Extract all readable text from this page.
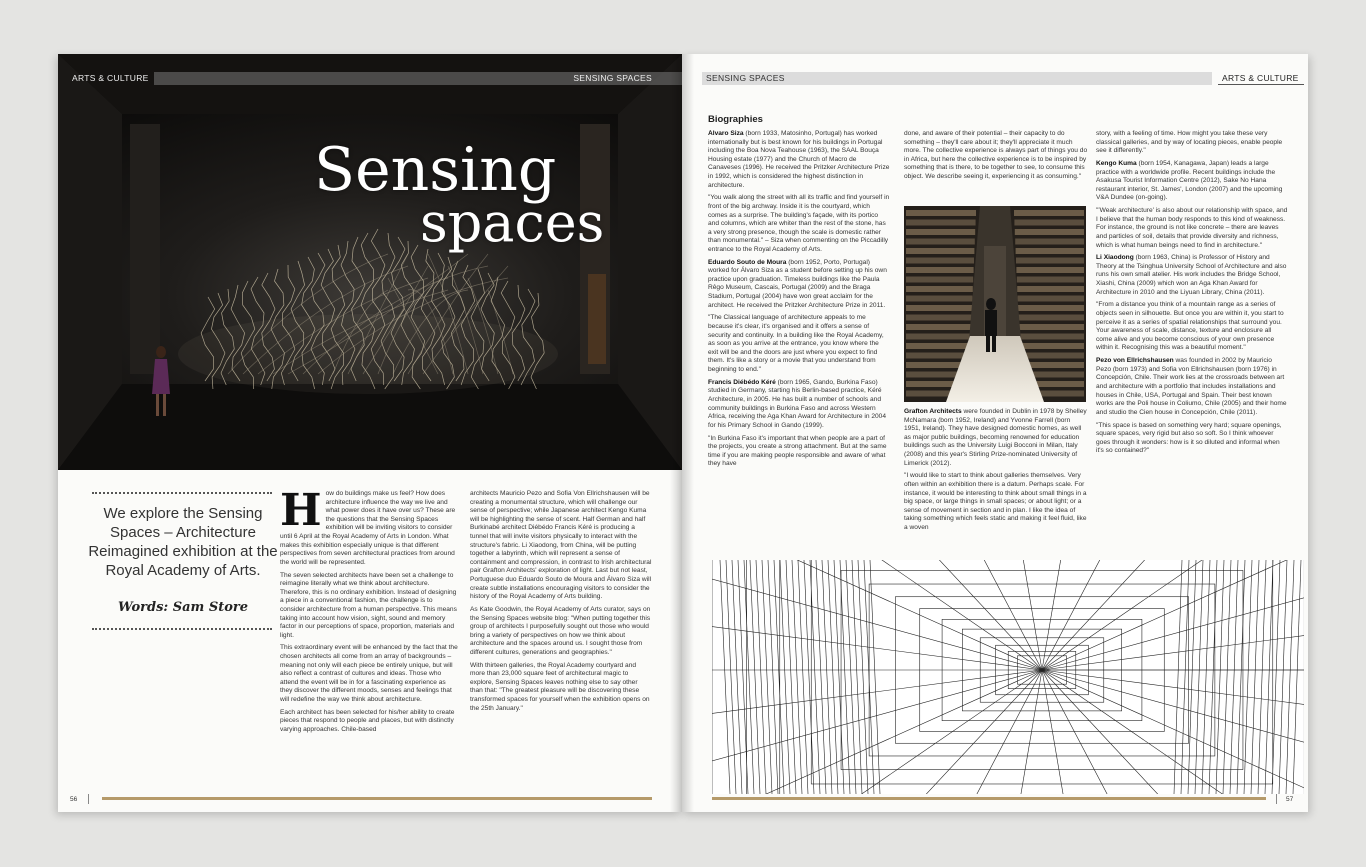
ARTS & CULTURE	SENSING SPACES
Sensing
spaces
We explore the Sensing Spaces – Architecture Reimagined exhibition at the Royal Academy of Arts.
Words: Sam Store

How do buildings make us feel? How does architecture influence the way we live and what power does it have over us? These are the questions that the Sensing Spaces exhibition will be inviting visitors to consider until 6 April at the Royal Academy of Arts in London. What makes this exhibition especially unique is that different perspectives from seven architectural practices from around the world will be represented.

The seven selected architects have been set a challenge to reimagine literally what we think about architecture. Therefore, this is no ordinary exhibition. Instead of designing a piece in a conventional fashion, the challenge is to consider architecture from a human perspective. This means taking into account how vision, sight, sound and memory factor in our perceptions of space, proportion, materials and light.

This extraordinary event will be enhanced by the fact that the chosen architects all come from an array of backgrounds – meaning not only will each piece be entirely unique, but will also reflect a contrast of cultures and ideas. Those who attend the event will be in for a fascinating experience as they discover the different moods, senses and feelings that will redefine the way we think about architecture.

Each architect has been selected for his/her ability to create pieces that respond to people and places, but with distinctly varying approaches. Chile-based

architects Mauricio Pezo and Sofia Von Ellrichshausen will be creating a monumental structure, which will challenge our sense of perspective; while Japanese architect Kengo Kuma will be highlighting the sense of scent. Half German and half Burkinabé architect Diébédo Francis Kéré is producing a tunnel that will invite visitors physically to interact with the structure's fabric. Li Xiaodong, from China, will be putting together a labyrinth, which will represent a sense of containment and compression, in contrast to Irish architectural pair Grafton Architects' exploration of light. Last but not least, Portuguese duo Eduardo Souto de Moura and Álvaro Siza will create subtle installations encouraging visitors to consider the history of the Royal Academy of Arts building.

As Kate Goodwin, the Royal Academy of Arts curator, says on the Sensing Spaces website blog: "When putting together this group of architects I purposefully sought out those who would bring a variety of perspectives on how we think about architecture and the spaces around us. I sought those from different cultures, generations and geographies."

With thirteen galleries, the Royal Academy courtyard and more than 23,000 square feet of architectural magic to explore, Sensing Spaces leaves nothing else to say other than that: "The greatest pleasure will be discovering these transformed spaces for yourself when the exhibition opens on the 25th January."

56
SENSING SPACES	ARTS & CULTURE
Biographies

Álvaro Siza (born 1933, Matosinho, Portugal) has worked internationally but is best known for his buildings in Portugal including the Boa Nova Teahouse (1963), the SAAL Bouça Housing estate (1977) and the Church of Macro de Canaveses (1996). He received the Pritzker Architecture Prize in 1992, which is considered the highest distinction in architecture.

"You walk along the street with all its traffic and find yourself in front of the big archway. Inside it is the courtyard, which comes as a surprise. The building's façade, with its portico and columns, which are whiter than the rest of the stone, has a very strong presence, though the scale is domestic rather than monumental." – Siza when commenting on the Piccadilly entrance to the Royal Academy of Arts.

Eduardo Souto de Moura (born 1952, Porto, Portugal) worked for Álvaro Siza as a student before setting up his own practice upon graduation. Timeless buildings like the Paula Rêgo Museum, Cascais, Portugal (2009) and the Braga Stadium, Portugal (2004) have won great acclaim for the architect. He received the Pritzker Architecture Prize in 2011.

"The Classical language of architecture appeals to me because it's clear, it's organised and it offers a sense of security and continuity. In a building like the Royal Academy, as soon as you arrive at the entrance, you know where the exit will be and the doors are just where you expect to find them. It's like a story or a movie that you understand from beginning to end."

Francis Diébédo Kéré (born 1965, Gando, Burkina Faso) studied in Germany, starting his Berlin-based practice, Kéré Architecture, in 2005. He has built a number of schools and community buildings in Burkina Faso and across Western Africa, receiving the Aga Khan Award for Architecture in 2004 for his Primary School in Gando (1999).

"In Burkina Faso it's important that when people are a part of the projects, you create a strong attachment. But at the same time if you are making people responsible and aware of what they have

done, and aware of their potential – their capacity to do something – they'll care about it; they'll appreciate it much more. The collective experience is always part of things you do in Africa, but here the collective experience is to be inspired by something that is there, to be together to see, to consume this object. We describe seeing it, experiencing it as consuming."

Grafton Architects were founded in Dublin in 1978 by Shelley McNamara (born 1952, Ireland) and Yvonne Farrell (born 1951, Ireland). They have designed domestic homes, as well as major public buildings, becoming renowned for education buildings such as the University Luigi Bocconi in Milan, Italy (2008) and this year's Stirling Prize-nominated University of Limerick (2012).

"I would like to start to think about galleries themselves. Very often within an exhibition there is a datum. Perhaps scale. For instance, it would be interesting to think about small things in a big space, or large things in small spaces; or about light; or a sense of movement in section and in plan. I like the idea of taking something which feels static and making it feel fluid, like a woven

story, with a feeling of time. How might you take these very classical galleries, and by way of locating pieces, enable people see it differently."

Kengo Kuma (born 1954, Kanagawa, Japan) leads a large practice with a worldwide profile. Recent buildings include the Asakusa Tourist Information Centre (2012), Sake No Hana restaurant interior, St. James', London (2007) and the upcoming V&A Dundee (on-going).

"'Weak architecture' is also about our relationship with space, and I believe that the human body responds to this kind of weakness. For instance, the ground is not like concrete – there are leaves and particles of soil, details that provide diversity and richness, which is what human beings need to find in architecture."

Li Xiaodong (born 1963, China) is Professor of History and Theory at the Tsinghua University School of Architecture and also runs his own small atelier. His work includes the Bridge School, Xiashi, China (2009) which won an Aga Khan Award for Architecture in 2010 and the Liyuan Library, China (2011).

"From a distance you think of a mountain range as a series of objects seen in silhouette. But once you are within it, you start to perceive it as a series of spatial relationships that surround you. Your awareness of scale, distance, texture and enclosure all come alive and you become conscious of your own presence within it. Recognising this was a beautiful moment."

Pezo von Ellrichshausen was founded in 2002 by Mauricio Pezo (born 1973) and Sofia von Ellrichshausen (born 1976) in Concepción, Chile. Their work lies at the crossroads between art and architecture with a portfolio that includes installations and houses in Chile, USA, Portugal and Spain. Their best known works are the Poli house in Coliumo, Chile (2005) and their home and studio the Cien house in Concepción, Chile (2011).

"This space is based on something very hard; square openings, square spaces, very rigid but also so soft. So I think whoever goes through it wonders: how is it so diluted and informal when it's so contained?"

57
